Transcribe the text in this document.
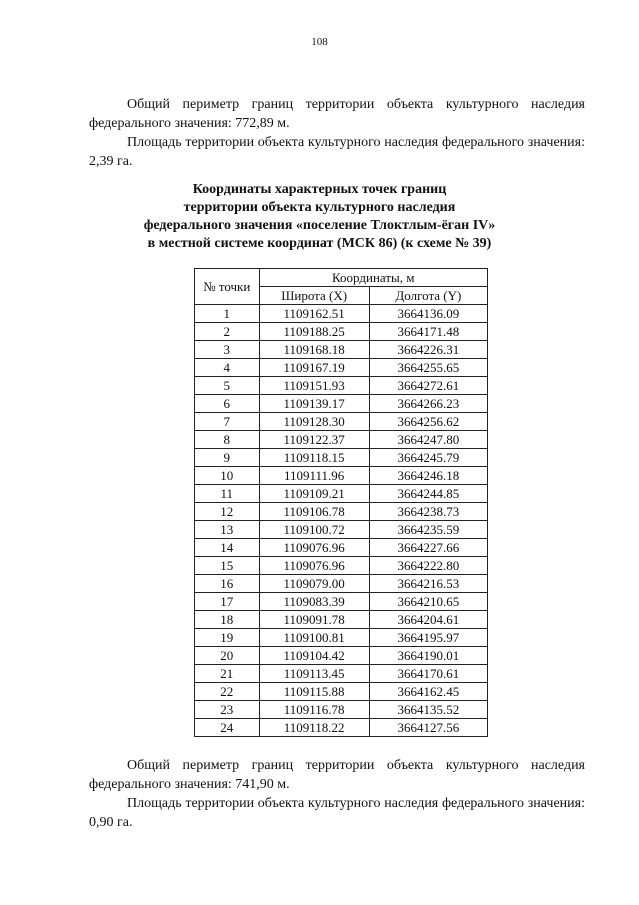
108

Общий периметр границ территории объекта культурного наследия федерального значения: 772,89 м.

Площадь территории объекта культурного наследия федерального значения: 2,39 га.

Координаты характерных точек границ
территории объекта культурного наследия
федерального значения «поселение Тлоктлым-ёган IV»
в местной системе координат (МСК 86) (к схеме № 39)
№ точки	Координаты, м	
	Широта (X)	Долгота (Y)
1	1109162.51	3664136.09
2	1109188.25	3664171.48
3	1109168.18	3664226.31
4	1109167.19	3664255.65
5	1109151.93	3664272.61
6	1109139.17	3664266.23
7	1109128.30	3664256.62
8	1109122.37	3664247.80
9	1109118.15	3664245.79
10	1109111.96	3664246.18
11	1109109.21	3664244.85
12	1109106.78	3664238.73
13	1109100.72	3664235.59
14	1109076.96	3664227.66
15	1109076.96	3664222.80
16	1109079.00	3664216.53
17	1109083.39	3664210.65
18	1109091.78	3664204.61
19	1109100.81	3664195.97
20	1109104.42	3664190.01
21	1109113.45	3664170.61
22	1109115.88	3664162.45
23	1109116.78	3664135.52
24	1109118.22	3664127.56

Общий периметр границ территории объекта культурного наследия федерального значения: 741,90 м.

Площадь территории объекта культурного наследия федерального значения: 0,90 га.
